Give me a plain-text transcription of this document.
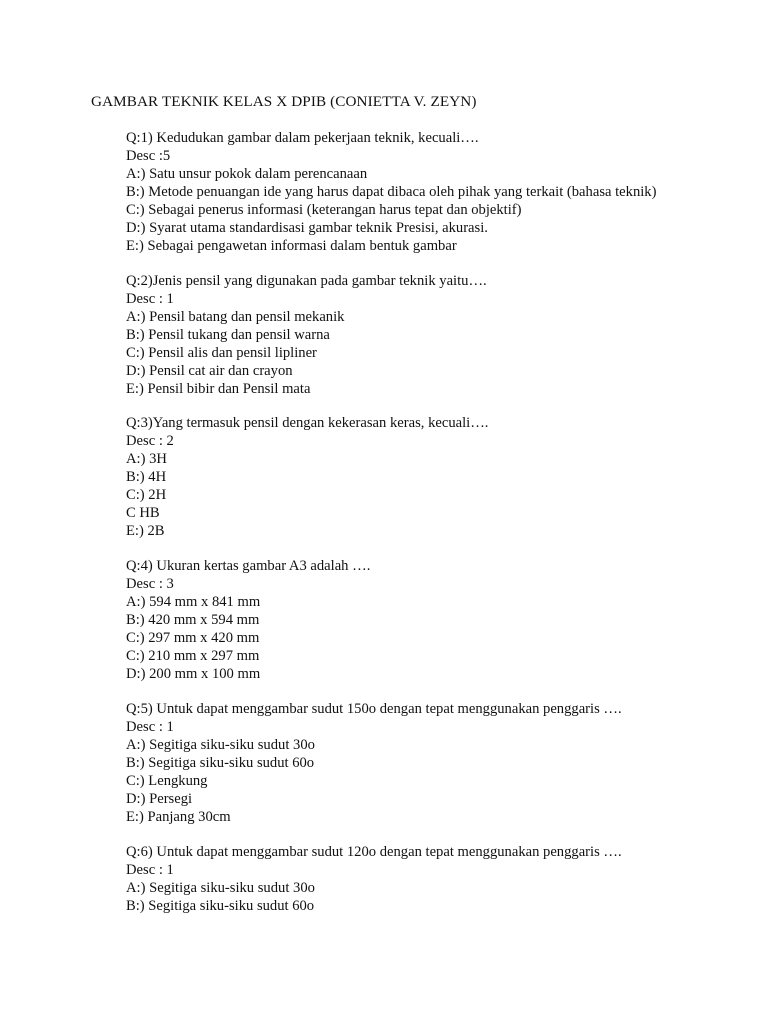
GAMBAR TEKNIK KELAS X DPIB (CONIETTA V. ZEYN)
Q:1) Kedudukan gambar dalam pekerjaan teknik, kecuali….
Desc :5
A:) Satu unsur pokok dalam perencanaan
B:) Metode penuangan ide yang harus dapat dibaca oleh pihak yang terkait (bahasa teknik)
C:) Sebagai penerus informasi (keterangan harus tepat dan objektif)
D:) Syarat utama standardisasi gambar teknik Presisi, akurasi.
E:) Sebagai pengawetan informasi dalam bentuk gambar
Q:2)Jenis pensil yang digunakan pada gambar teknik yaitu….
Desc : 1
A:) Pensil batang dan pensil mekanik
B:) Pensil tukang dan pensil warna
C:) Pensil alis dan pensil lipliner
D:) Pensil cat air dan crayon
E:) Pensil bibir dan Pensil mata
Q:3)Yang termasuk pensil dengan kekerasan keras, kecuali….
Desc : 2
A:) 3H
B:) 4H
C:) 2H
C HB
E:) 2B
Q:4) Ukuran kertas gambar A3 adalah ….
Desc : 3
A:) 594 mm x 841 mm
B:) 420 mm x 594 mm
C:) 297 mm x 420 mm
C:) 210 mm x 297 mm
D:) 200 mm x 100 mm
Q:5) Untuk dapat menggambar sudut 150o dengan tepat menggunakan penggaris ….
Desc : 1
A:) Segitiga siku-siku sudut 30o
B:) Segitiga siku-siku sudut 60o
C:) Lengkung
D:) Persegi
E:) Panjang 30cm
Q:6) Untuk dapat menggambar sudut 120o dengan tepat menggunakan penggaris ….
Desc : 1
A:) Segitiga siku-siku sudut 30o
B:) Segitiga siku-siku sudut 60o
